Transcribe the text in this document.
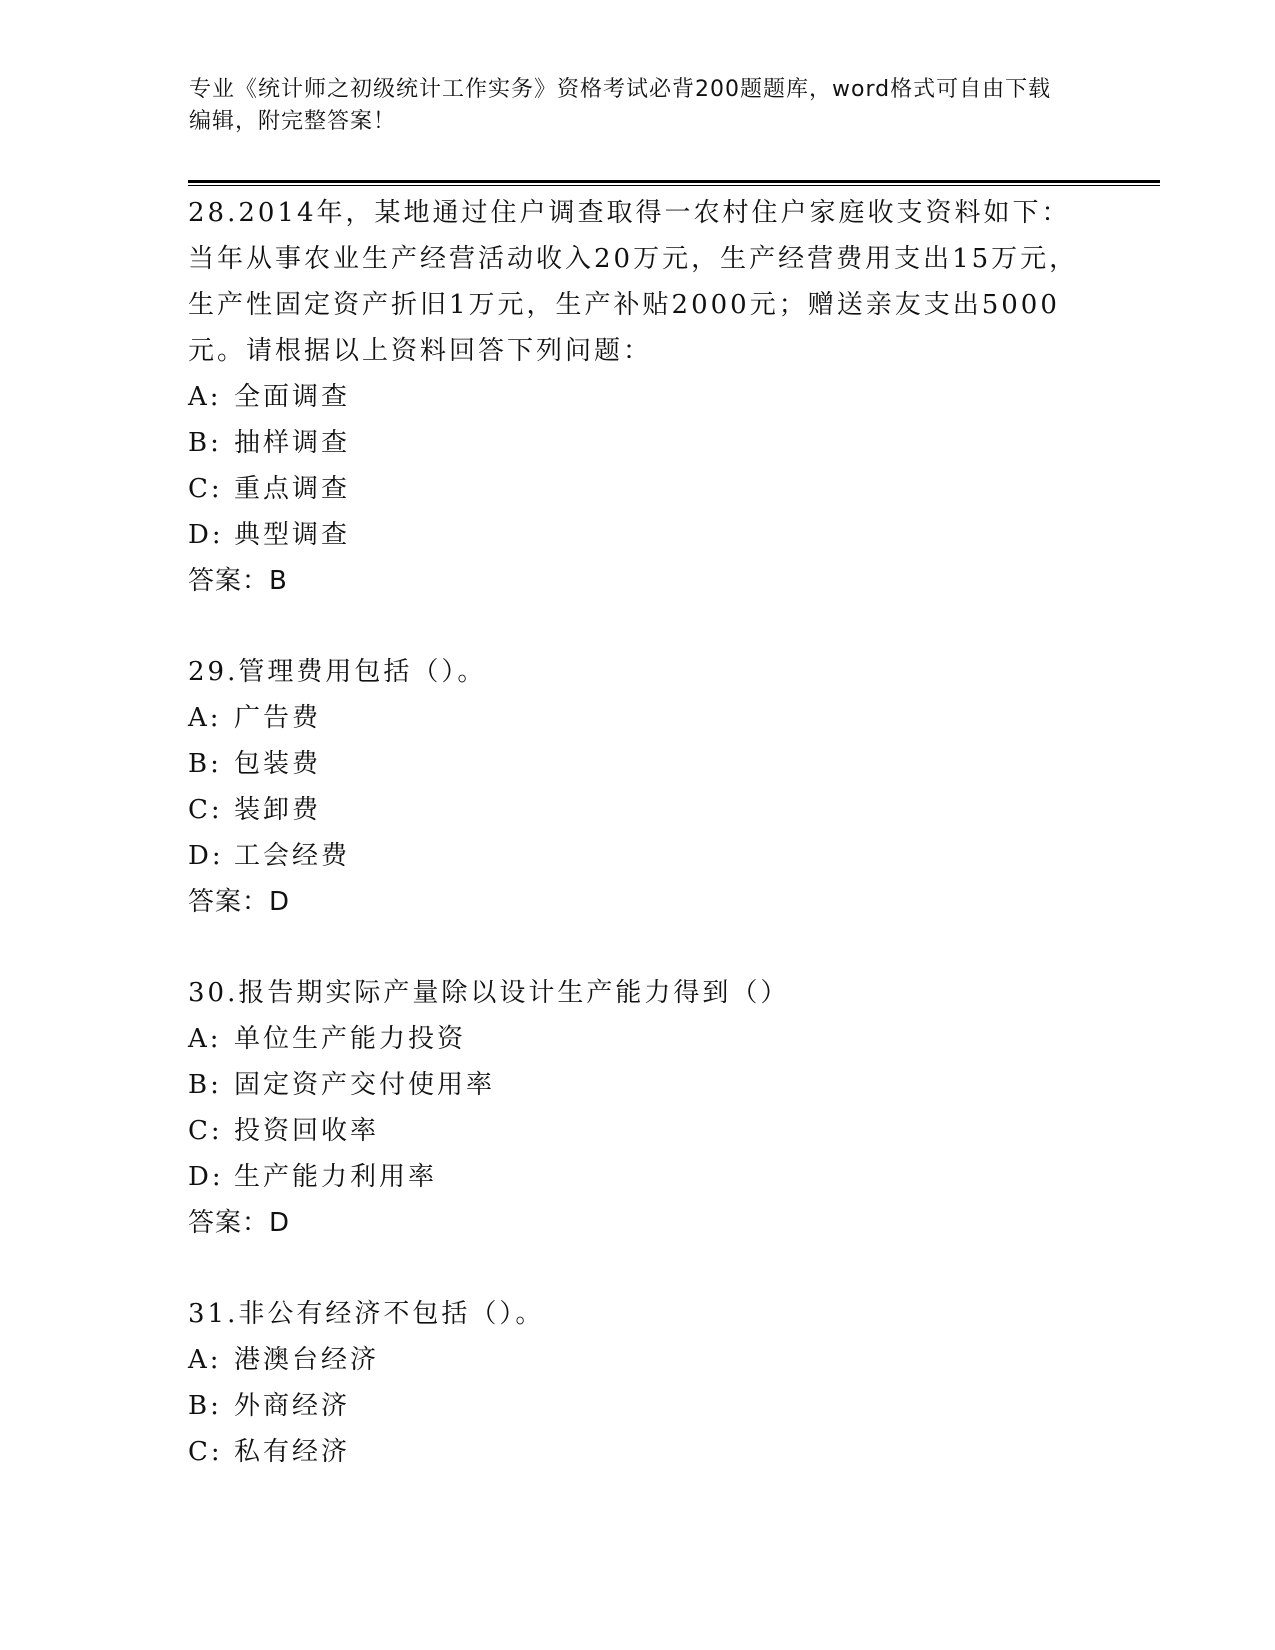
专业《统计师之初级统计工作实务》资格考试必背200题题库，word格式可自由下载编辑，附完整答案！
28.2014年，某地通过住户调查取得一农村住户家庭收支资料如下：当年从事农业生产经营活动收入20万元，生产经营费用支出15万元，生产性固定资产折旧1万元，生产补贴2000元；赠送亲友支出5000元。请根据以上资料回答下列问题：
A: 全面调查
B: 抽样调查
C: 重点调查
D: 典型调查
答案：B
29.管理费用包括（）。
A: 广告费
B: 包装费
C: 装卸费
D: 工会经费
答案：D
30.报告期实际产量除以设计生产能力得到（）
A: 单位生产能力投资
B: 固定资产交付使用率
C: 投资回收率
D: 生产能力利用率
答案：D
31.非公有经济不包括（）。
A: 港澳台经济
B: 外商经济
C: 私有经济
